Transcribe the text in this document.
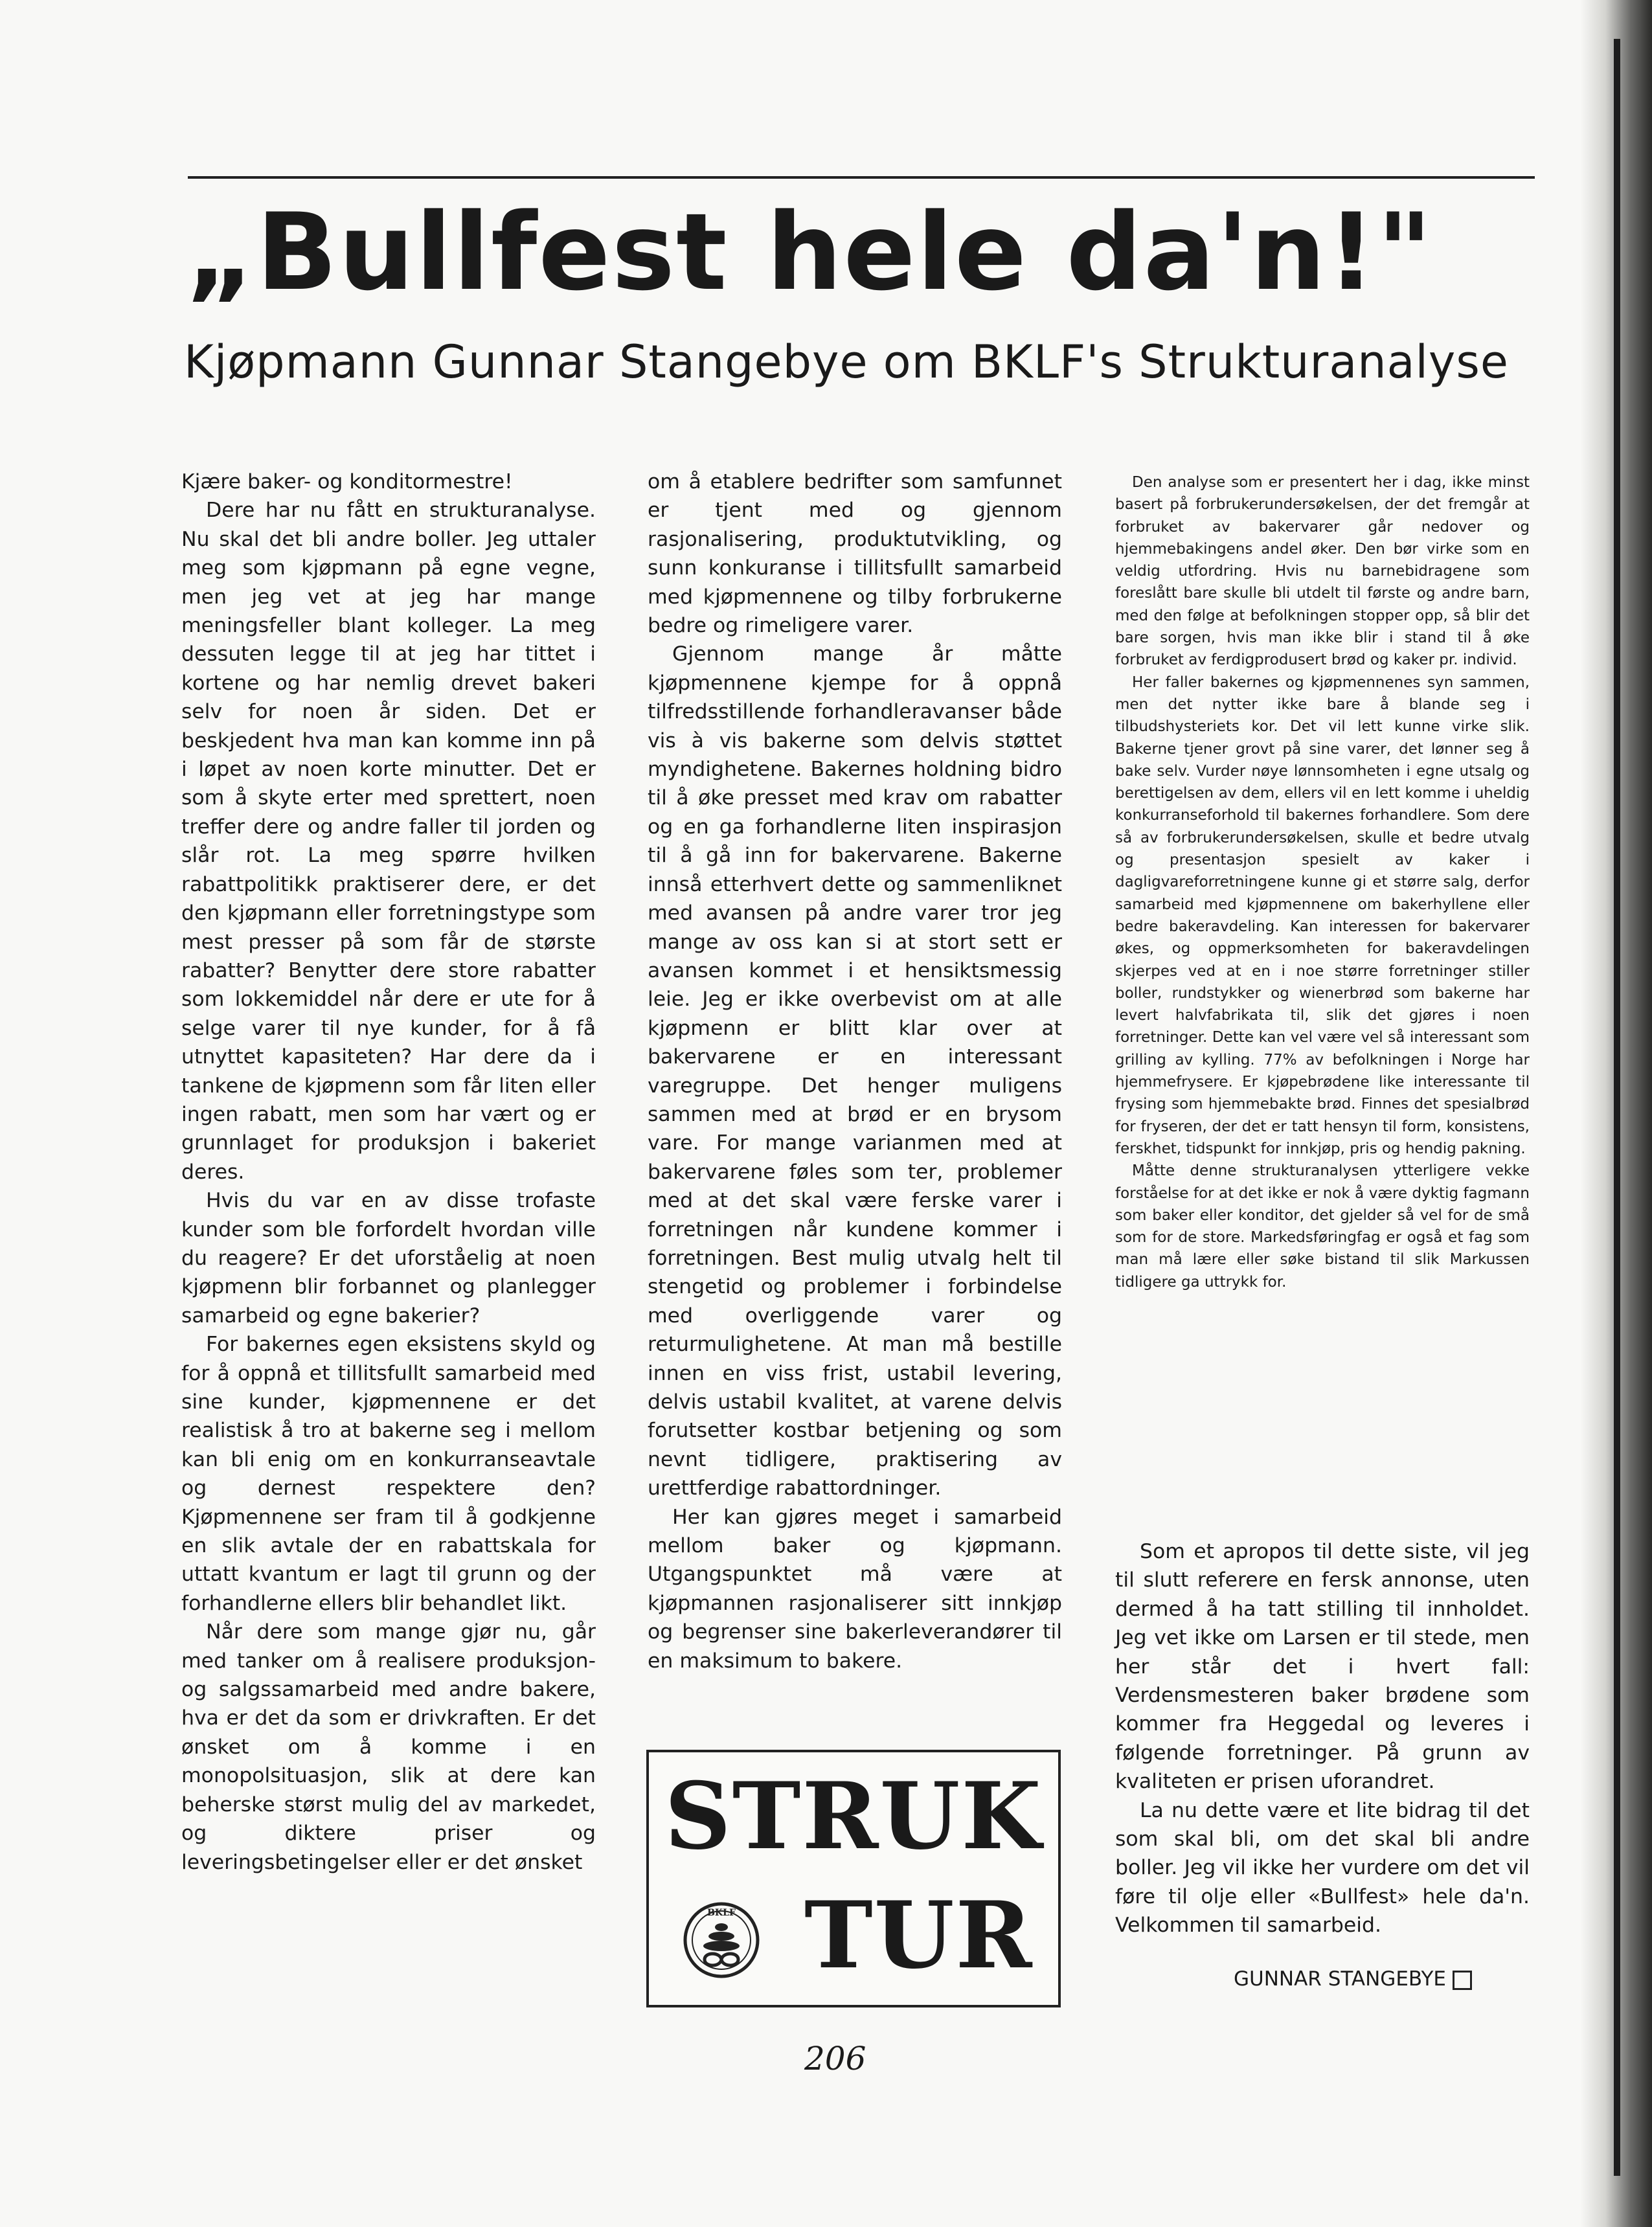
„Bullfest hele da'n!"
Kjøpmann Gunnar Stangebye om BKLF's Strukturanalyse

Kjære baker- og konditormestre!

Dere har nu fått en strukturanalyse. Nu skal det bli andre boller. Jeg uttaler meg som kjøpmann på egne vegne, men jeg vet at jeg har mange meningsfeller blant kolleger. La meg dessuten legge til at jeg har tittet i kortene og har nemlig drevet bakeri selv for noen år siden. Det er beskjedent hva man kan komme inn på i løpet av noen korte minutter. Det er som å skyte erter med sprettert, noen treffer dere og andre faller til jorden og slår rot. La meg spørre hvilken rabattpolitikk praktiserer dere, er det den kjøpmann eller forretningstype som mest presser på som får de største rabatter? Benytter dere store rabatter som lokkemiddel når dere er ute for å selge varer til nye kunder, for å få utnyttet kapasiteten? Har dere da i tankene de kjøpmenn som får liten eller ingen rabatt, men som har vært og er grunnlaget for produksjon i bakeriet deres.

Hvis du var en av disse trofaste kunder som ble forfordelt hvordan ville du reagere? Er det uforståelig at noen kjøpmenn blir forbannet og planlegger samarbeid og egne bakerier?

For bakernes egen eksistens skyld og for å oppnå et tillitsfullt samarbeid med sine kunder, kjøpmennene er det realistisk å tro at bakerne seg i mellom kan bli enig om en konkurranseavtale og dernest respektere den? Kjøpmennene ser fram til å godkjenne en slik avtale der en rabattskala for uttatt kvantum er lagt til grunn og der forhandlerne ellers blir behandlet likt.

Når dere som mange gjør nu, går med tanker om å realisere produksjon- og salgssamarbeid med andre bakere, hva er det da som er drivkraften. Er det ønsket om å komme i en monopolsituasjon, slik at dere kan beherske størst mulig del av markedet, og diktere priser og leveringsbetingelser eller er det ønsket

om å etablere bedrifter som samfunnet er tjent med og gjennom rasjonalisering, produktutvikling, og sunn konkuranse i tillitsfullt samarbeid med kjøpmennene og tilby forbrukerne bedre og rimeligere varer.

Gjennom mange år måtte kjøpmennene kjempe for å oppnå tilfredsstillende forhandleravanser både vis à vis bakerne som delvis støttet myndighetene. Bakernes holdning bidro til å øke presset med krav om rabatter og en ga forhandlerne liten inspirasjon til å gå inn for bakervarene. Bakerne innså etterhvert dette og sammenliknet med avansen på andre varer tror jeg mange av oss kan si at stort sett er avansen kommet i et hensiktsmessig leie. Jeg er ikke overbevist om at alle kjøpmenn er blitt klar over at bakervarene er en interessant varegruppe. Det henger muligens sammen med at brød er en brysom vare. For mange varianmen med at bakervarene føles som ter, problemer med at det skal være ferske varer i forretningen når kundene kommer i forretningen. Best mulig utvalg helt til stengetid og problemer i forbindelse med overliggende varer og returmulighetene. At man må bestille innen en viss frist, ustabil levering, delvis ustabil kvalitet, at varene delvis forutsetter kostbar betjening og som nevnt tidligere, praktisering av urettferdige rabattordninger.

Her kan gjøres meget i samarbeid mellom baker og kjøpmann. Utgangspunktet må være at kjøpmannen rasjonaliserer sitt innkjøp og begrenser sine bakerleverandører til en maksimum to bakere.

Den analyse som er presentert her i dag, ikke minst basert på forbrukerundersøkelsen, der det fremgår at forbruket av bakervarer går nedover og hjemmebakingens andel øker. Den bør virke som en veldig utfordring. Hvis nu barnebidragene som foreslått bare skulle bli utdelt til første og andre barn, med den følge at befolkningen stopper opp, så blir det bare sorgen, hvis man ikke blir i stand til å øke forbruket av ferdigprodusert brød og kaker pr. individ.

Her faller bakernes og kjøpmennenes syn sammen, men det nytter ikke bare å blande seg i tilbudshysteriets kor. Det vil lett kunne virke slik. Bakerne tjener grovt på sine varer, det lønner seg å bake selv. Vurder nøye lønnsomheten i egne utsalg og berettigelsen av dem, ellers vil en lett komme i uheldig konkurranseforhold til bakernes forhandlere. Som dere så av forbrukerundersøkelsen, skulle et bedre utvalg og presentasjon spesielt av kaker i dagligvareforretningene kunne gi et større salg, derfor samarbeid med kjøpmennene om bakerhyllene eller bedre bakeravdeling. Kan interessen for bakervarer økes, og oppmerksomheten for bakeravdelingen skjerpes ved at en i noe større forretninger stiller boller, rundstykker og wienerbrød som bakerne har levert halvfabrikata til, slik det gjøres i noen forretninger. Dette kan vel være vel så interessant som grilling av kylling. 77% av befolkningen i Norge har hjemmefrysere. Er kjøpebrødene like interessante til frysing som hjemmebakte brød. Finnes det spesialbrød for fryseren, der det er tatt hensyn til form, konsistens, ferskhet, tidspunkt for innkjøp, pris og hendig pakning.

Måtte denne strukturanalysen ytterligere vekke forståelse for at det ikke er nok å være dyktig fagmann som baker eller konditor, det gjelder så vel for de små som for de store. Markedsføringfag er også et fag som man må lære eller søke bistand til slik Markussen tidligere ga uttrykk for.

Som et apropos til dette siste, vil jeg til slutt referere en fersk annonse, uten dermed å ha tatt stilling til innholdet. Jeg vet ikke om Larsen er til stede, men her står det i hvert fall: Verdensmesteren baker brødene som kommer fra Heggedal og leveres i følgende forretninger. På grunn av kvaliteten er prisen uforandret.

La nu dette være et lite bidrag til det som skal bli, om det skal bli andre boller. Jeg vil ikke her vurdere om det vil føre til olje eller «Bullfest» hele da'n. Velkommen til samarbeid.

GUNNAR STANGEBYE
STRUK
BKLF TUR
206
